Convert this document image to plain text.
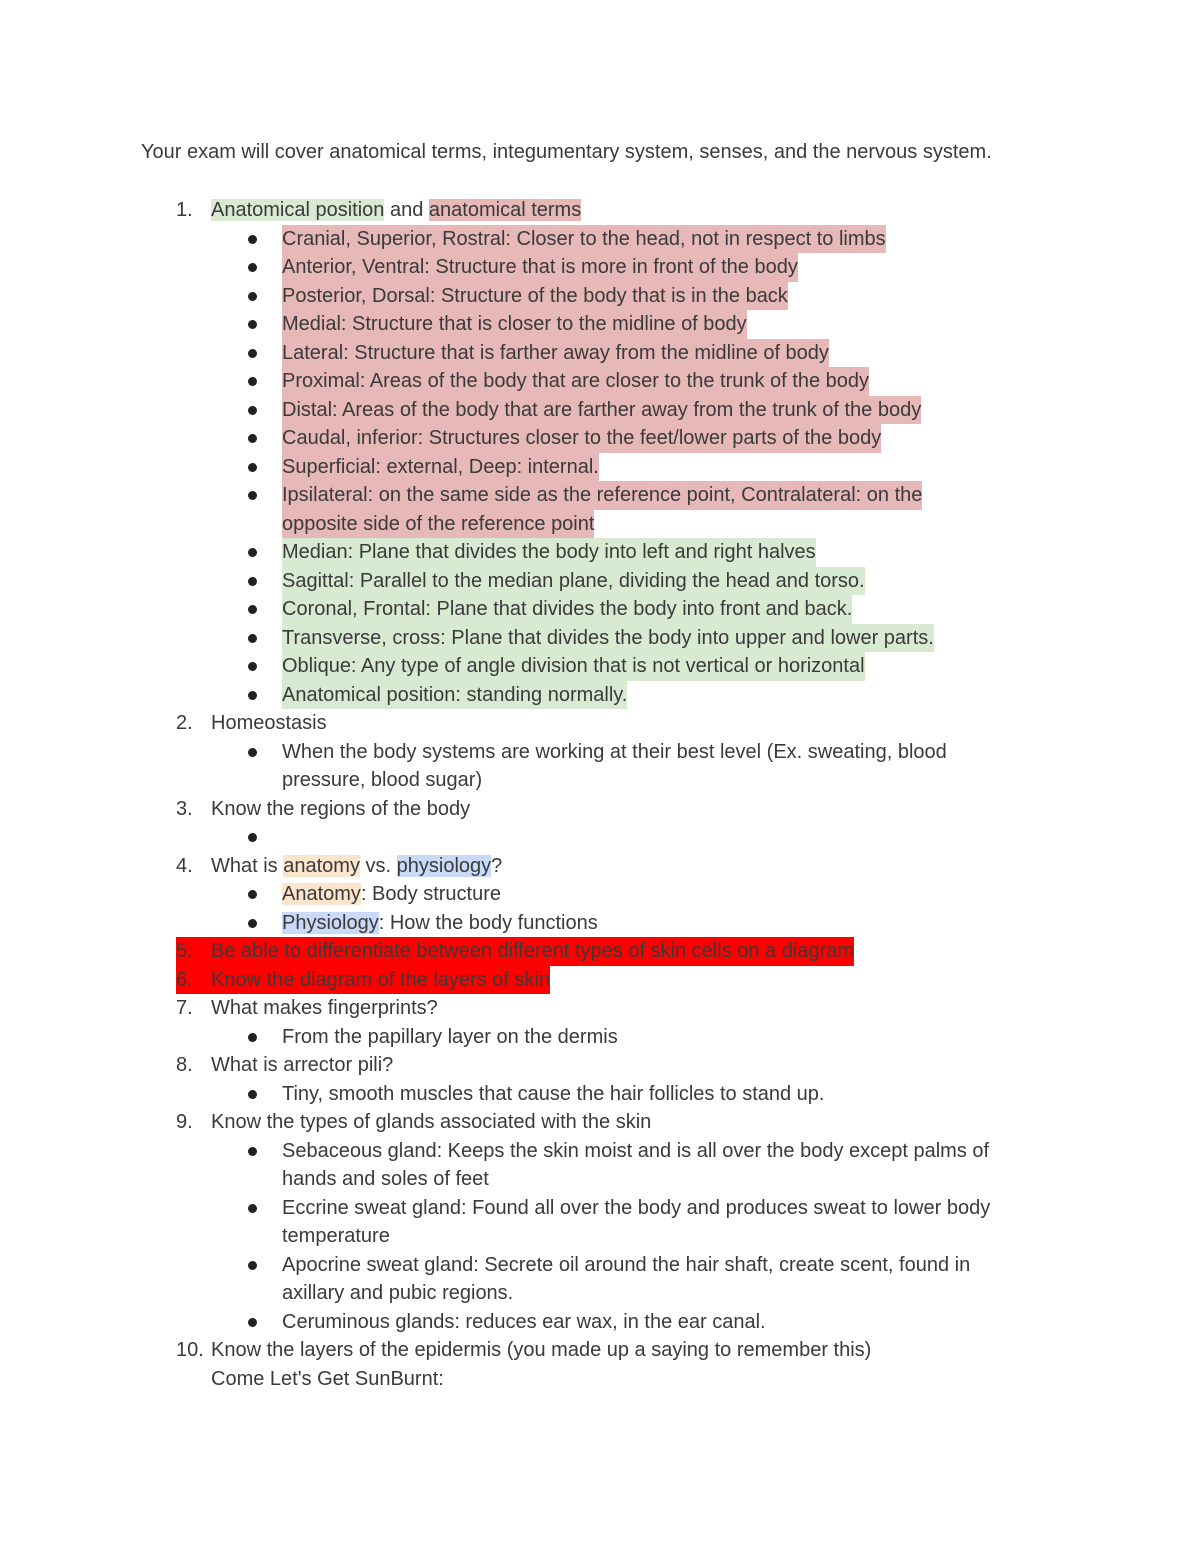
Your exam will cover anatomical terms, integumentary system, senses, and the nervous system.
1. Anatomical position and anatomical terms
Cranial, Superior, Rostral: Closer to the head, not in respect to limbs
Anterior, Ventral: Structure that is more in front of the body
Posterior, Dorsal: Structure of the body that is in the back
Medial: Structure that is closer to the midline of body
Lateral: Structure that is farther away from the midline of body
Proximal: Areas of the body that are closer to the trunk of the body
Distal: Areas of the body that are farther away from the trunk of the body
Caudal, inferior: Structures closer to the feet/lower parts of the body
Superficial: external, Deep: internal.
Ipsilateral: on the same side as the reference point, Contralateral: on the
opposite side of the reference point
Median: Plane that divides the body into left and right halves
Sagittal: Parallel to the median plane, dividing the head and torso.
Coronal, Frontal: Plane that divides the body into front and back.
Transverse, cross: Plane that divides the body into upper and lower parts.
Oblique: Any type of angle division that is not vertical or horizontal
Anatomical position: standing normally.
2. Homeostasis
When the body systems are working at their best level (Ex. sweating, blood
pressure, blood sugar)
3. Know the regions of the body
4. What is anatomy vs. physiology?
Anatomy: Body structure
Physiology: How the body functions
5. Be able to differentiate between different types of skin cells on a diagram
6. Know the diagram of the layers of skin
7. What makes fingerprints?
From the papillary layer on the dermis
8. What is arrector pili?
Tiny, smooth muscles that cause the hair follicles to stand up.
9. Know the types of glands associated with the skin
Sebaceous gland: Keeps the skin moist and is all over the body except palms of
hands and soles of feet
Eccrine sweat gland: Found all over the body and produces sweat to lower body
temperature
Apocrine sweat gland: Secrete oil around the hair shaft, create scent, found in
axillary and pubic regions.
Ceruminous glands: reduces ear wax, in the ear canal.
10. Know the layers of the epidermis (you made up a saying to remember this)
Come Let's Get SunBurnt:
